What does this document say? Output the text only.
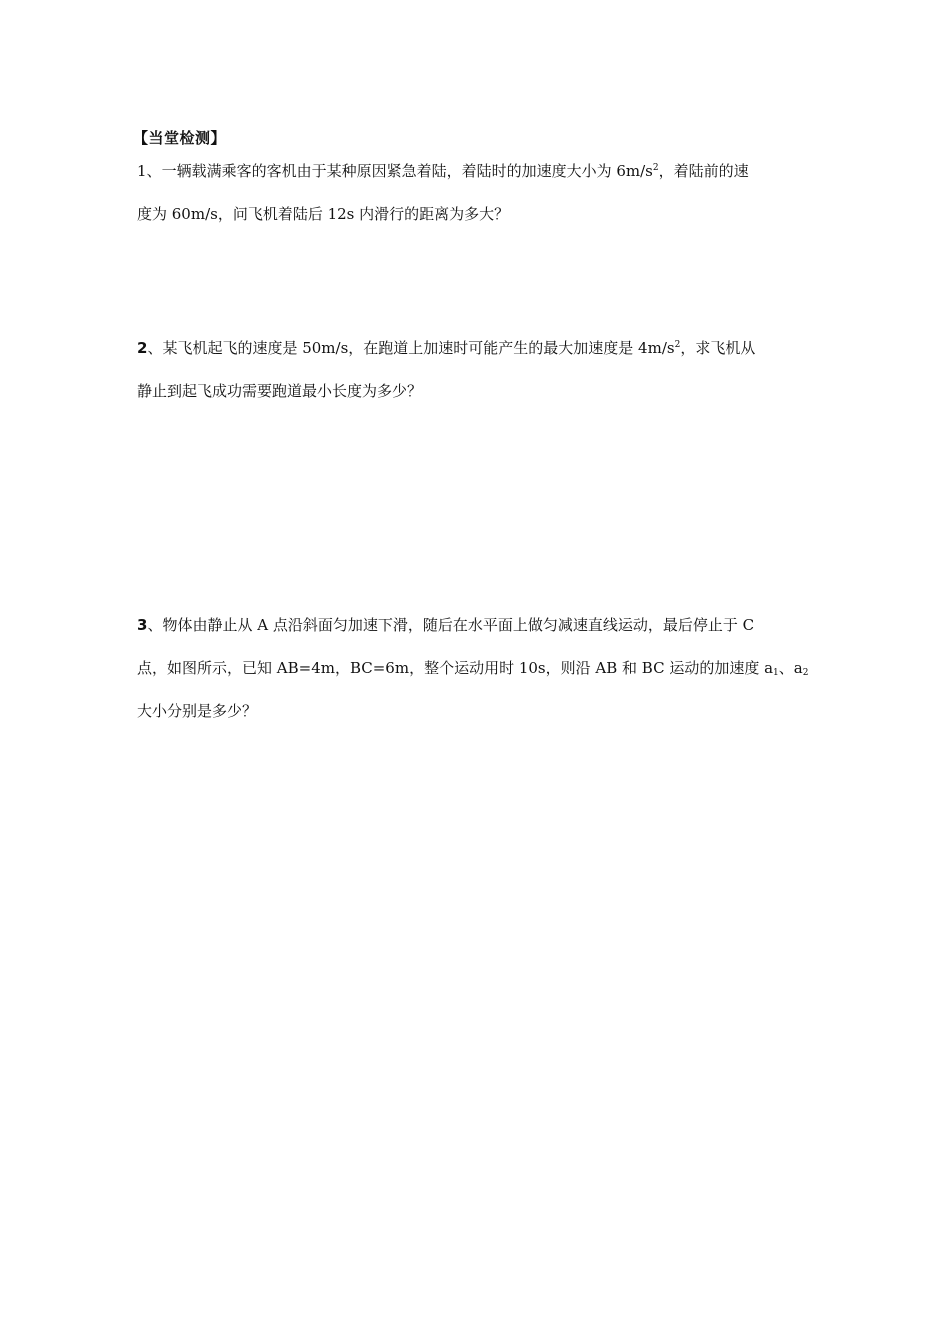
【当堂检测】

1、一辆载满乘客的客机由于某种原因紧急着陆，着陆时的加速度大小为 $6m/s^2$，着陆前的速

度为 60m/s，问飞机着陆后 12s 内滑行的距离为多大？

2、某飞机起飞的速度是 50m/s，在跑道上加速时可能产生的最大加速度是 $4m/s^2$，求飞机从

静止到起飞成功需要跑道最小长度为多少？

3、物体由静止从 A 点沿斜面匀加速下滑，随后在水平面上做匀减速直线运动，最后停止于 C

点，如图所示，已知 AB=4m，BC=6m，整个运动用时 10s，则沿 AB 和 BC 运动的加速度 $a_1$、$a_2$

大小分别是多少？
